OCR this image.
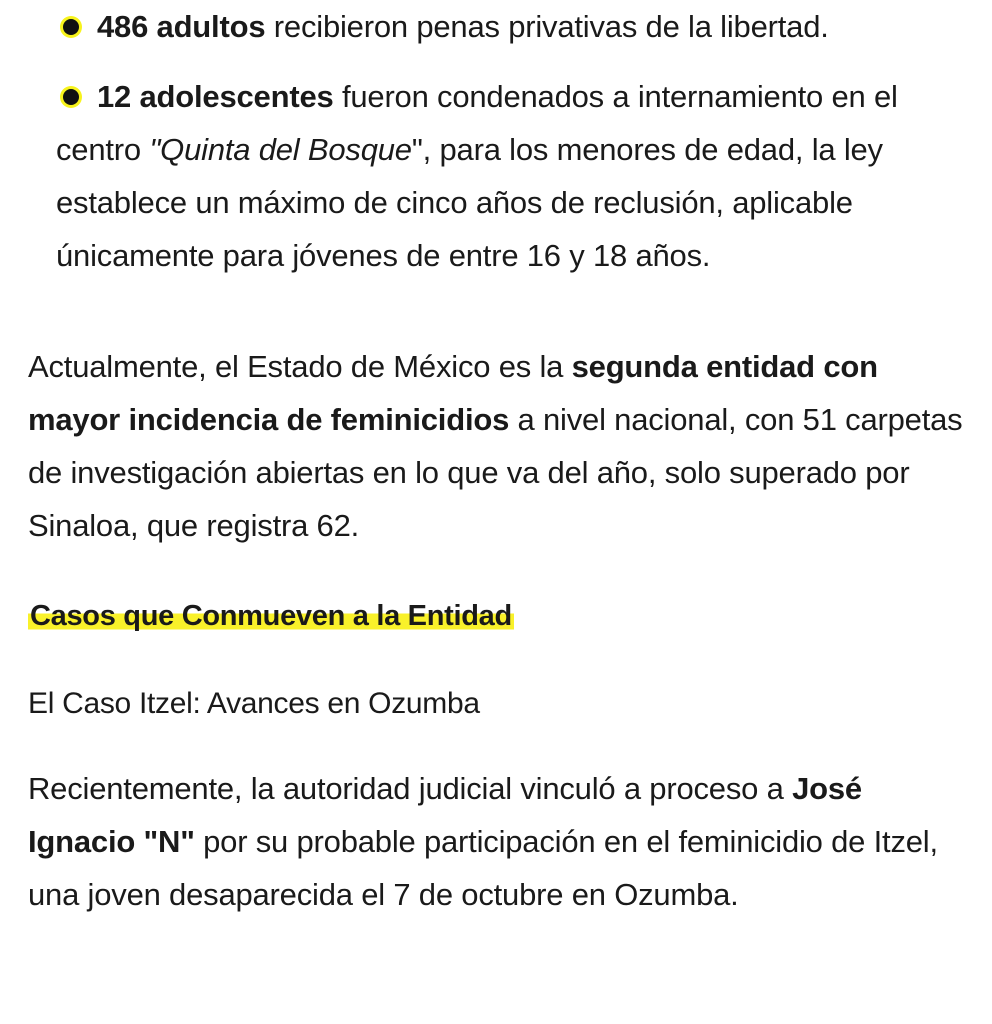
486 adultos recibieron penas privativas de la libertad.

12 adolescentes fueron condenados a internamiento en el centro "Quinta del Bosque", para los menores de edad, la ley establece un máximo de cinco años de reclusión, aplicable únicamente para jóvenes de entre 16 y 18 años.

Actualmente, el Estado de México es la segunda entidad con mayor incidencia de feminicidios a nivel nacional, con 51 carpetas de investigación abiertas en lo que va del año, solo superado por Sinaloa, que registra 62.

Casos que Conmueven a la Entidad
El Caso Itzel: Avances en Ozumba

Recientemente, la autoridad judicial vinculó a proceso a José Ignacio "N" por su probable participación en el feminicidio de Itzel, una joven desaparecida el 7 de octubre en Ozumba.
